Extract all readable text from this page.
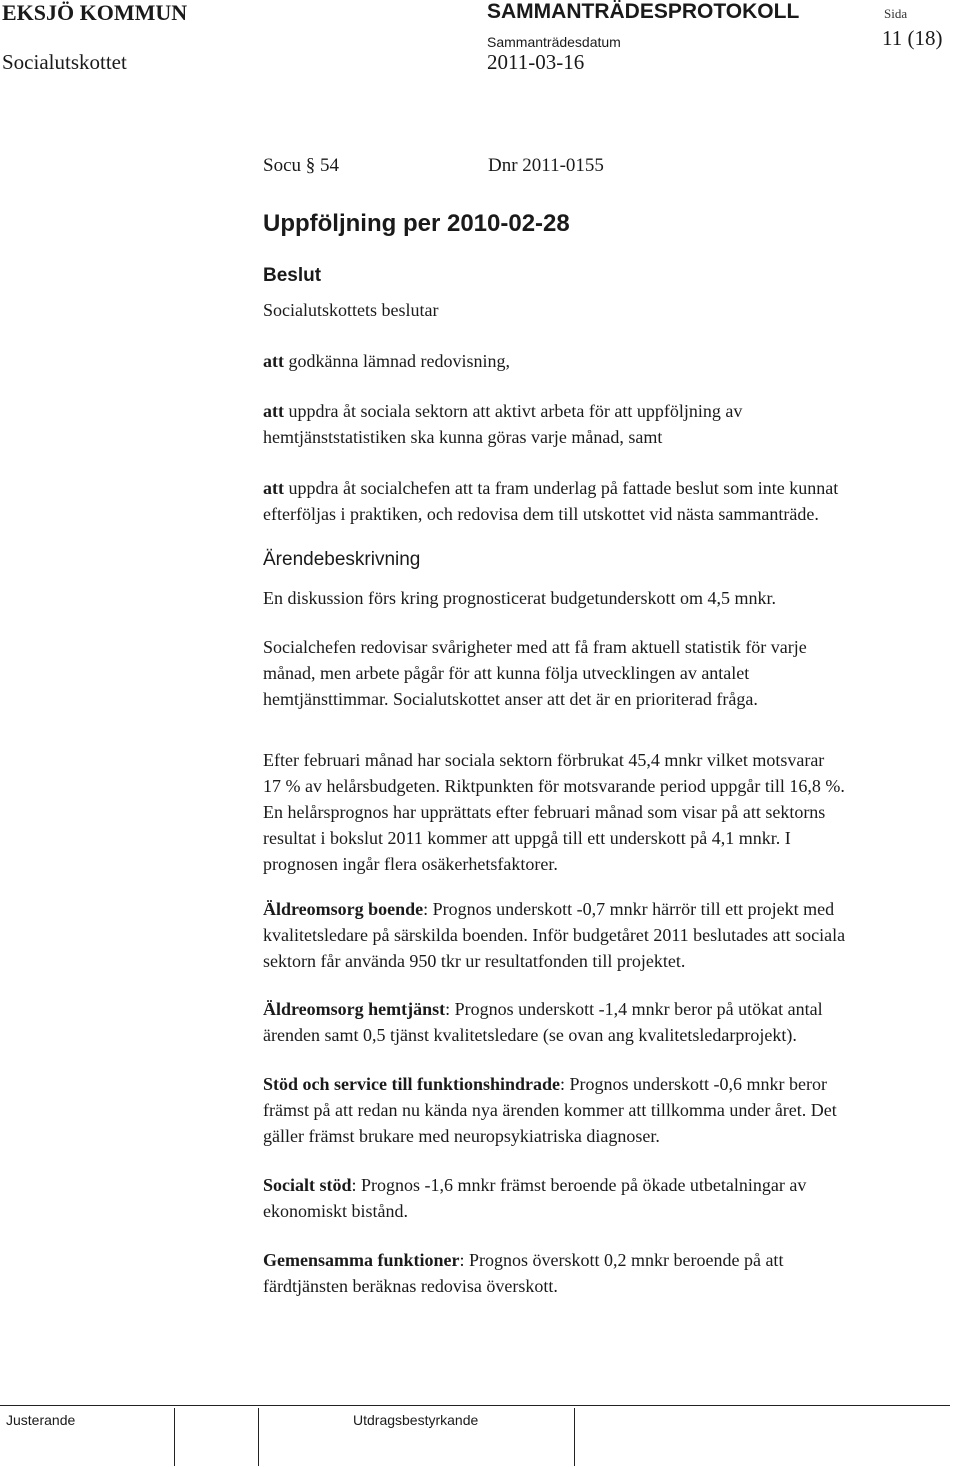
EKSJÖ KOMMUN	SAMMANTRÄDESPROTOKOLL	Sida
Socialutskottet
Sammanträdesdatum
2011-03-16
11 (18)
Socu § 54	Dnr 2011-0155
Uppföljning per 2010-02-28
Beslut
Socialutskottets beslutar
att godkänna lämnad redovisning,
att uppdra åt sociala sektorn att aktivt arbeta för att uppföljning av
hemtjänststatistiken ska kunna göras varje månad, samt
att uppdra åt socialchefen att ta fram underlag på fattade beslut som inte kunnat
efterföljas i praktiken, och redovisa dem till utskottet vid nästa sammanträde.
Ärendebeskrivning
En diskussion förs kring prognosticerat budgetunderskott om 4,5 mnkr.
Socialchefen redovisar svårigheter med att få fram aktuell statistik för varje
månad, men arbete pågår för att kunna följa utvecklingen av antalet
hemtjänsttimmar. Socialutskottet anser att det är en prioriterad fråga.
Efter februari månad har sociala sektorn förbrukat 45,4 mnkr vilket motsvarar
17 % av helårsbudgeten. Riktpunkten för motsvarande period uppgår till 16,8 %.
En helårsprognos har upprättats efter februari månad som visar på att sektorns
resultat i bokslut 2011 kommer att uppgå till ett underskott på 4,1 mnkr. I
prognosen ingår flera osäkerhetsfaktorer.
Äldreomsorg boende: Prognos underskott -0,7 mnkr härrör till ett projekt med
kvalitetsledare på särskilda boenden. Inför budgetåret 2011 beslutades att sociala
sektorn får använda 950 tkr ur resultatfonden till projektet.
Äldreomsorg hemtjänst: Prognos underskott -1,4 mnkr beror på utökat antal
ärenden samt 0,5 tjänst kvalitetsledare (se ovan ang kvalitetsledarprojekt).
Stöd och service till funktionshindrade: Prognos underskott -0,6 mnkr beror
främst på att redan nu kända nya ärenden kommer att tillkomma under året. Det
gäller främst brukare med neuropsykiatriska diagnoser.
Socialt stöd: Prognos -1,6 mnkr främst beroende på ökade utbetalningar av
ekonomiskt bistånd.
Gemensamma funktioner: Prognos överskott 0,2 mnkr beroende på att
färdtjänsten beräknas redovisa överskott.
Justerande	Utdragsbestyrkande
